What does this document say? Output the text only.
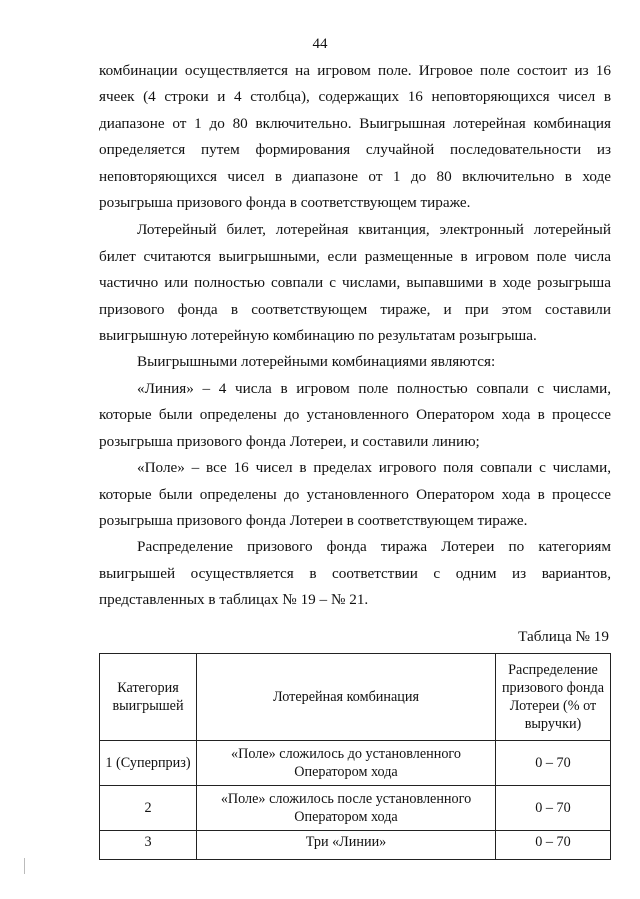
44

комбинации осуществляется на игровом поле. Игровое поле состоит из 16 ячеек (4 строки и 4 столбца), содержащих 16 неповторяющихся чисел в диапазоне от 1 до 80 включительно. Выигрышная лотерейная комбинация определяется путем формирования случайной последовательности из неповторяющихся чисел в диапазоне от 1 до 80 включительно в ходе розыгрыша призового фонда в соответствующем тираже.

Лотерейный билет, лотерейная квитанция, электронный лотерейный билет считаются выигрышными, если размещенные в игровом поле числа частично или полностью совпали с числами, выпавшими в ходе розыгрыша призового фонда в соответствующем тираже, и при этом составили выигрышную лотерейную комбинацию по результатам розыгрыша.

Выигрышными лотерейными комбинациями являются:

«Линия» – 4 числа в игровом поле полностью совпали с числами, которые были определены до установленного Оператором хода в процессе розыгрыша призового фонда Лотереи, и составили линию;

«Поле» – все 16 чисел в пределах игрового поля совпали с числами, которые были определены до установленного Оператором хода в процессе розыгрыша призового фонда Лотереи в соответствующем тираже.

Распределение призового фонда тиража Лотереи по категориям выигрышей осуществляется в соответствии с одним из вариантов, представленных в таблицах № 19 – № 21.

Таблица № 19
Категория выигрышей	Лотерейная комбинация	Распределение призового фонда Лотереи (% от выручки)
1 (Суперприз)	«Поле» сложилось до установленного Оператором хода	0 – 70
2	«Поле» сложилось после установленного Оператором хода	0 – 70
3	Три «Линии»	0 – 70
